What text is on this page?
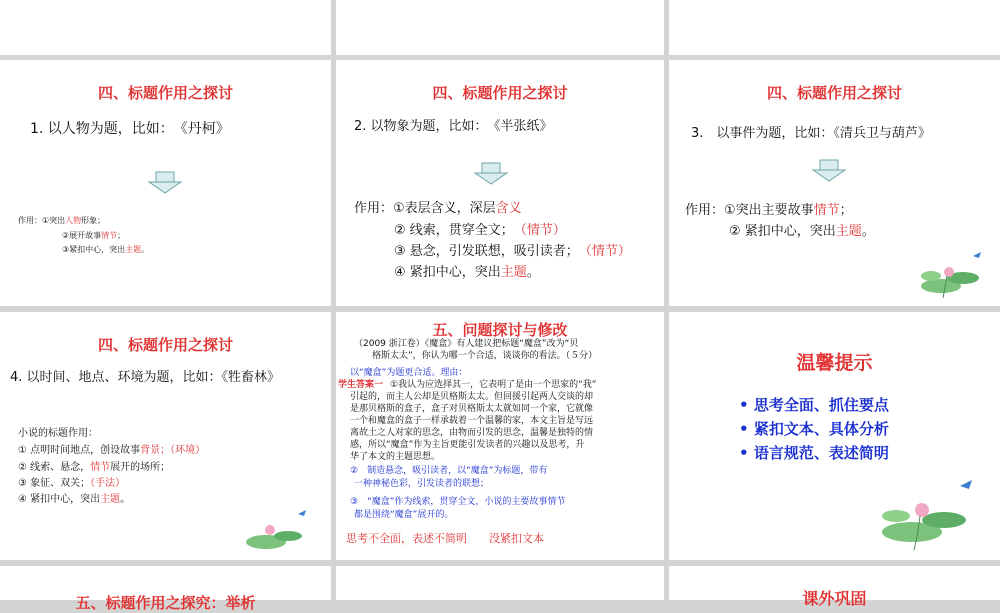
四、标题作用之探讨
1. 以人物为题，比如：　《丹柯》
作用：①突出人物形象；
②展开故事情节；
③紧扣中心，突出主题。
四、标题作用之探讨
2. 以物象为题，比如：　《半张纸》
作用：①表层含义，深层含义
② 线索，贯穿全文；　 （情节）
③ 悬念，引发联想，吸引读者；　 （情节）
④ 紧扣中心，突出主题。
四、标题作用之探讨
3.　以事件为题，比如：《清兵卫与葫芦》
作用：①突出主要故事情节；
② 紧扣中心，突出主题。
四、标题作用之探讨
4. 以时间、地点、环境为题，比如：《牲畜林》
小说的标题作用：
① 点明时间地点，创设故事背景；（环境）
② 线索、悬念，情节展开的场所；
③ 象征、双关；（手法）
④ 紧扣中心，突出主题。
五、问题探讨与修改
（2009 浙江卷）《魔盒》有人建议把标题“魔盒”改为“贝
格斯太太”，你认为哪一个合适，谈谈你的看法。（５分）
以“魔盒”为题更合适。理由：
学生答案一 ①我认为应选择其一，它表明了是由一个思家的“我”
引起的，而主人公却是贝格斯太太。但回援引起两人交谈的却
是那贝格斯的盒子，盒子对贝格斯太太就如同一个家，它就像
一个和魔盒的盒子一样承载着一个温馨的家，本文主旨是写远
离故土之人对家的思念，由物而引发的思念，温馨是独特的情
感，所以“魔盒”作为主旨更能引发读者的兴趣以及思考，升
华了本文的主题思想。
②　制造悬念，吸引读者，以“魔盒”为标题，带有
一种神秘色彩，引发读者的联想；
③　“魔盒”作为线索，贯穿全文，小说的主要故事情节
都是围绕“魔盒”展开的。
思考不全面，表述不简明　　没紧扣文本
温馨提示
• 思考全面、抓住要点
• 紧扣文本、具体分析
• 语言规范、表述简明
五、标题作用之探究：举析	课外巩固
